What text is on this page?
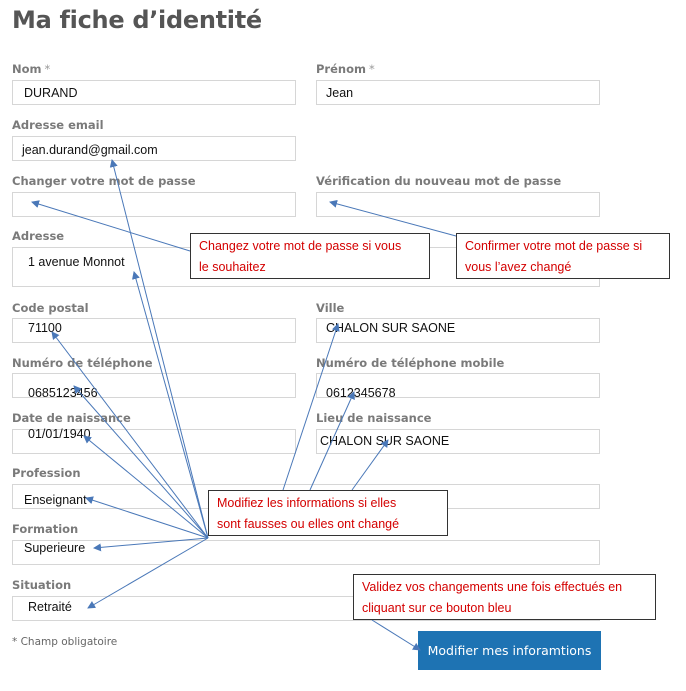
Ma fiche d’identité
Nom *
DURAND
Prénom *
Jean
Adresse email
jean.durand@gmail.com
Changer votre mot de passe	Vérification du nouveau mot de passe
Adresse
1 avenue Monnot
Code postal
71100
Ville
CHALON SUR SAONE
Numéro de téléphone
0685123456
Numéro de téléphone mobile
0612345678
Date de naissance
01/01/1940
Lieu de naissance
CHALON SUR SAONE
Profession
Enseignant
Formation
Superieure
Situation
Retraité
* Champ obligatoire
Modifier mes inforamtions
Changez votre mot de passe si vous
le souhaitez
Confirmer votre mot de passe si
vous l’avez changé
Modifiez les informations si elles
sont fausses ou elles ont changé
Validez vos changements une fois effectués en
cliquant sur ce bouton bleu
